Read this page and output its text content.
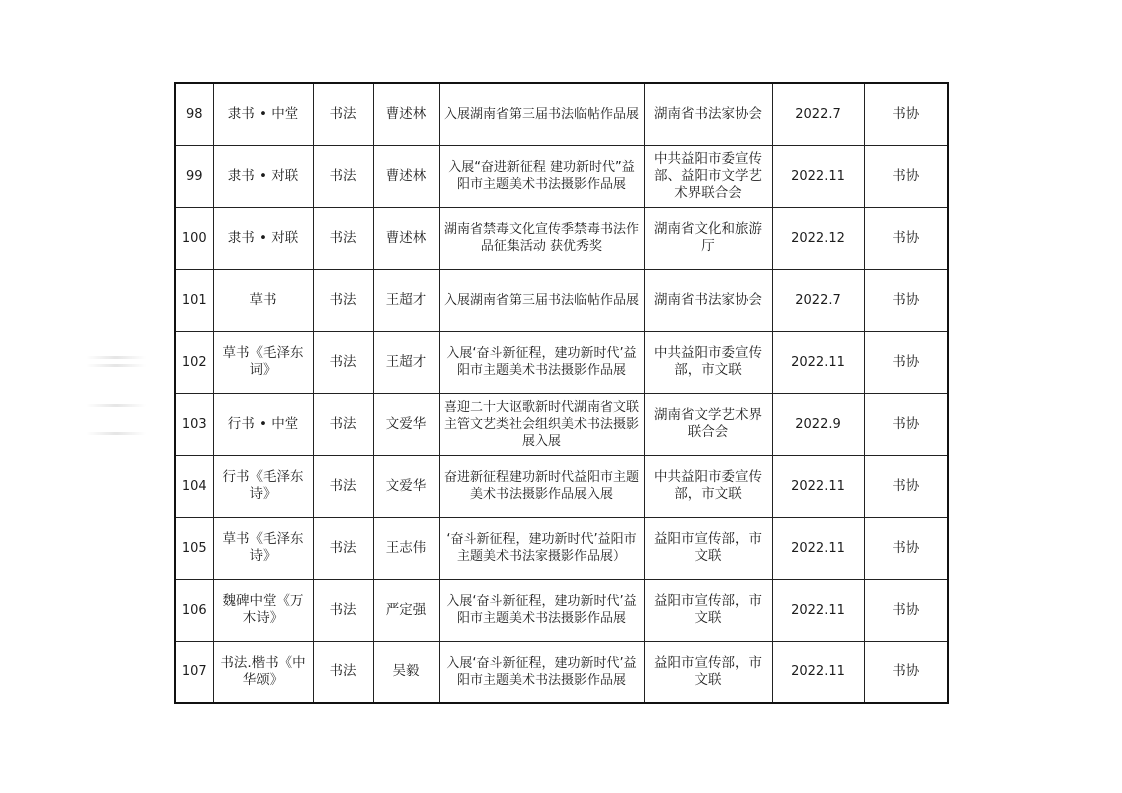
98	隶书 • 中堂	书法	曹述林	入展湖南省第三届书法临帖作品展	湖南省书法家协会	2022.7	书协
99	隶书 • 对联	书法	曹述林	入展“奋进新征程 建功新时代”益阳市主题美术书法摄影作品展	中共益阳市委宣传部、益阳市文学艺术界联合会	2022.11	书协
100	隶书 • 对联	书法	曹述林	湖南省禁毒文化宣传季禁毒书法作品征集活动 获优秀奖	湖南省文化和旅游厅	2022.12	书协
101	草书	书法	王超才	入展湖南省第三届书法临帖作品展	湖南省书法家协会	2022.7	书协
102	草书《毛泽东词》	书法	王超才	入展‘奋斗新征程，建功新时代’益阳市主题美术书法摄影作品展	中共益阳市委宣传部，市文联	2022.11	书协
103	行书 • 中堂	书法	文爱华	喜迎二十大讴歌新时代湖南省文联主管文艺类社会组织美术书法摄影展入展	湖南省文学艺术界联合会	2022.9	书协
104	行书《毛泽东诗》	书法	文爱华	奋进新征程建功新时代益阳市主题美术书法摄影作品展入展	中共益阳市委宣传部，市文联	2022.11	书协
105	草书《毛泽东诗》	书法	王志伟	‘奋斗新征程，建功新时代’益阳市主题美术书法家摄影作品展）	益阳市宣传部，市文联	2022.11	书协
106	魏碑中堂《万木诗》	书法	严定强	入展‘奋斗新征程，建功新时代’益阳市主题美术书法摄影作品展	益阳市宣传部，市文联	2022.11	书协
107	书法.楷书《中华颂》	书法	吴毅	入展‘奋斗新征程，建功新时代’益阳市主题美术书法摄影作品展	益阳市宣传部，市文联	2022.11	书协
